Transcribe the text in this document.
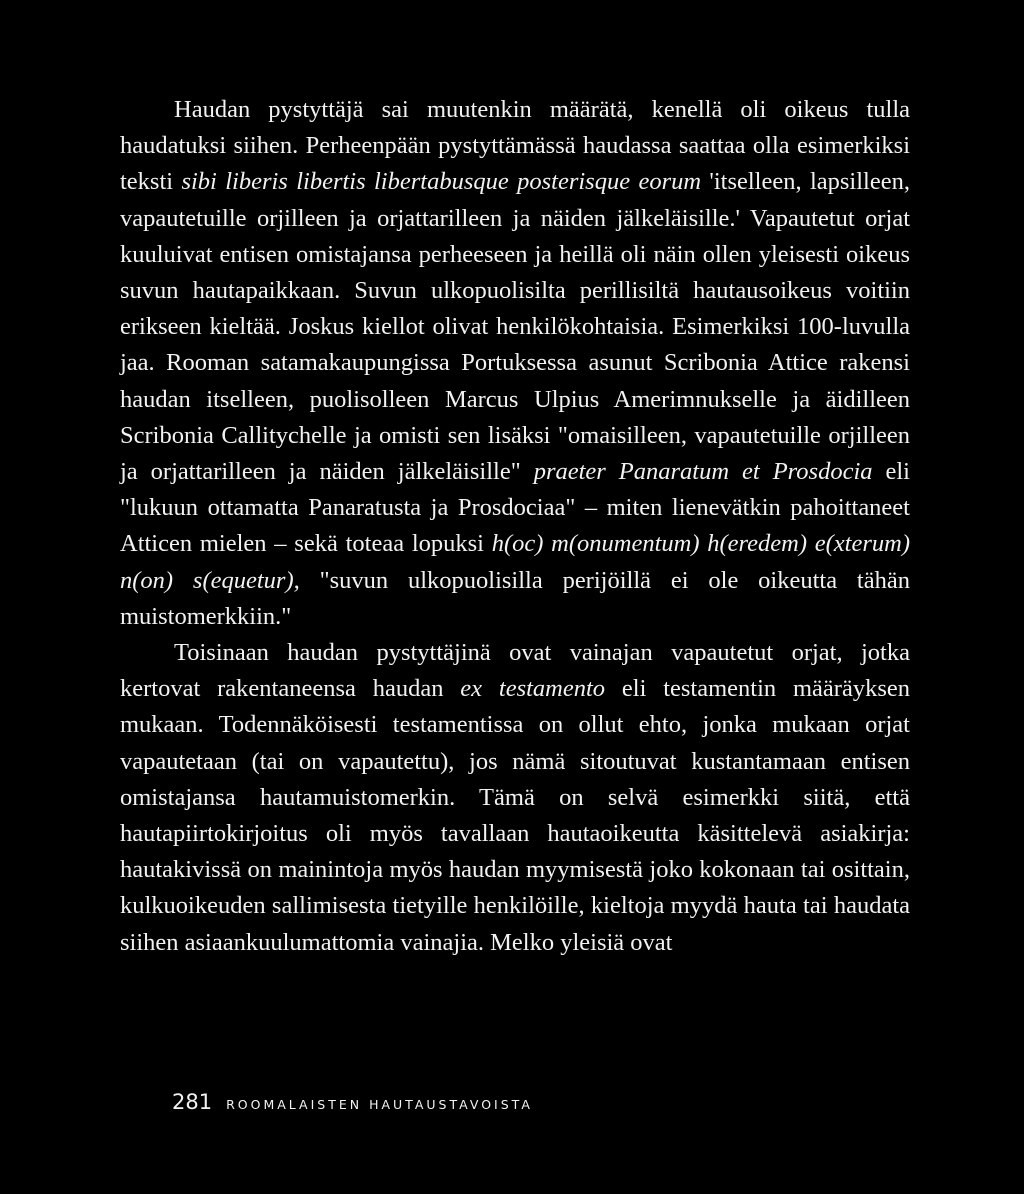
Haudan pystyttäjä sai muutenkin määrätä, kenellä oli oikeus tulla haudatuksi siihen. Perheenpään pystyttämässä haudassa saattaa olla esimerkiksi teksti sibi liberis libertis libertabusque posterisque eorum 'itselleen, lapsilleen, vapautetuille orjilleen ja orjattarilleen ja näiden jälkeläisille.' Vapautetut orjat kuuluivat entisen omistajansa perheeseen ja heillä oli näin ollen yleisesti oikeus suvun hautapaikkaan. Suvun ulkopuolisilta perillisiltä hautausoikeus voitiin erikseen kieltää. Joskus kiellot olivat henkilökohtaisia. Esimerkiksi 100-luvulla jaa. Rooman satamakaupungissa Portuksessa asunut Scribonia Attice rakensi haudan itselleen, puolisolleen Marcus Ulpius Amerimnukselle ja äidilleen Scribonia Callitychelle ja omisti sen lisäksi "omaisilleen, vapautetuille orjilleen ja orjattarilleen ja näiden jälkeläisille" praeter Panaratum et Prosdocia eli "lukuun ottamatta Panaratusta ja Prosdociaa" – miten lienevätkin pahoittaneet Atticen mielen – sekä toteaa lopuksi h(oc) m(onumentum) h(eredem) e(xterum) n(on) s(equetur), "suvun ulkopuolisilla perijöillä ei ole oikeutta tähän muistomerkkiin."

Toisinaan haudan pystyttäjinä ovat vainajan vapautetut orjat, jotka kertovat rakentaneensa haudan ex testamento eli testamentin määräyksen mukaan. Todennäköisesti testamentissa on ollut ehto, jonka mukaan orjat vapautetaan (tai on vapautettu), jos nämä sitoutuvat kustantamaan entisen omistajansa hautamuistomerkin. Tämä on selvä esimerkki siitä, että hautapiirtokirjoitus oli myös tavallaan hautaoikeutta käsittelevä asiakirja: hautakivissä on mainintoja myös haudan myymisestä joko kokonaan tai osittain, kulkuoikeuden sallimisesta tietyille henkilöille, kieltoja myydä hauta tai haudata siihen asiaankuulumattomia vainajia. Melko yleisiä ovat

281 ROOMALAISTEN HAUTAUSTAVOISTA
